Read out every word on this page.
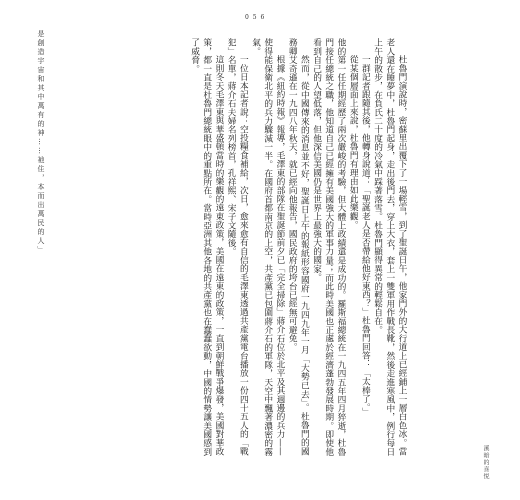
0 5 6
是創造宇宙和其中萬有的神……祂住，本而出萬民的人」	杜魯門演說時，密蘇里出覆下了一場輕雪，到了聖誕日午，他家門外的大行道上已經鋪上一層白色冰。當老人還在睡夢中，杜魯門起身，走出後門去，穿上大衣，套上一雙軍用作戰長靴，然後走進寒風中，例行每日上午的散步，在負氏二十度的冷氣中踩著落雪。杜魯門顯得異常的輕鬆自在。

一群記者跟隨其後，他轉身說道：「聖誕老人是否帶給他好東西？」杜魯門回答：「太棒了。」

從某個層面上來說，杜魯門有理由如此樂觀。

他的第一任任期經歷了兩次嚴峻的考驗，但大體上政績還是成功的。羅斯福總統在一九四五年四月猝逝，杜魯門接任總統之職，他知道自己已經擁有美國強大的軍事力量；而此時美國也正處於經濟蓬勃發展時期。即使他看到自己的人望低落，但他深信美國仍是世界上最強大的國家。

然而，從中國傳來的消息並不好，聖誕日上午的報紙形容國府一九四九年一月「大勢已去」。杜魯門的國務卿艾奇遜在一九四八年秋天，就已經向他報告，國民政府的垮台已經無可避免。

根據《紐約時報》報導，毛澤東的部隊在聖誕節前夕已「完全掃除」蔣介石位於北平及其週邊的兵力——使得能保衛北平的兵力驟減一半。在國府首都南京的上空，共產黨已包圍蔣介石的軍隊，天空中飄著濃密的霧氣。

一位日本記者說：空投糧食補給，次日，愈來愈有自信的毛澤東透過共產黨電台播放一份四十五人的「戰犯」名單，蔣介石夫婦名列榜首，孔祥熙、宋子文隨後。

這則冬天毛澤東與華盛頓當時的樂觀的遠東政策，美國在遠東的政策，一直到朝鮮戰爭爆發，美國對華政策，都一直是杜魯門總統眼中的重點所在。當時亞洲其他各地的共產黨也在蠢蠢欲動，中國的情勢讓美國感到了威脅。

溪暗的喜悦
